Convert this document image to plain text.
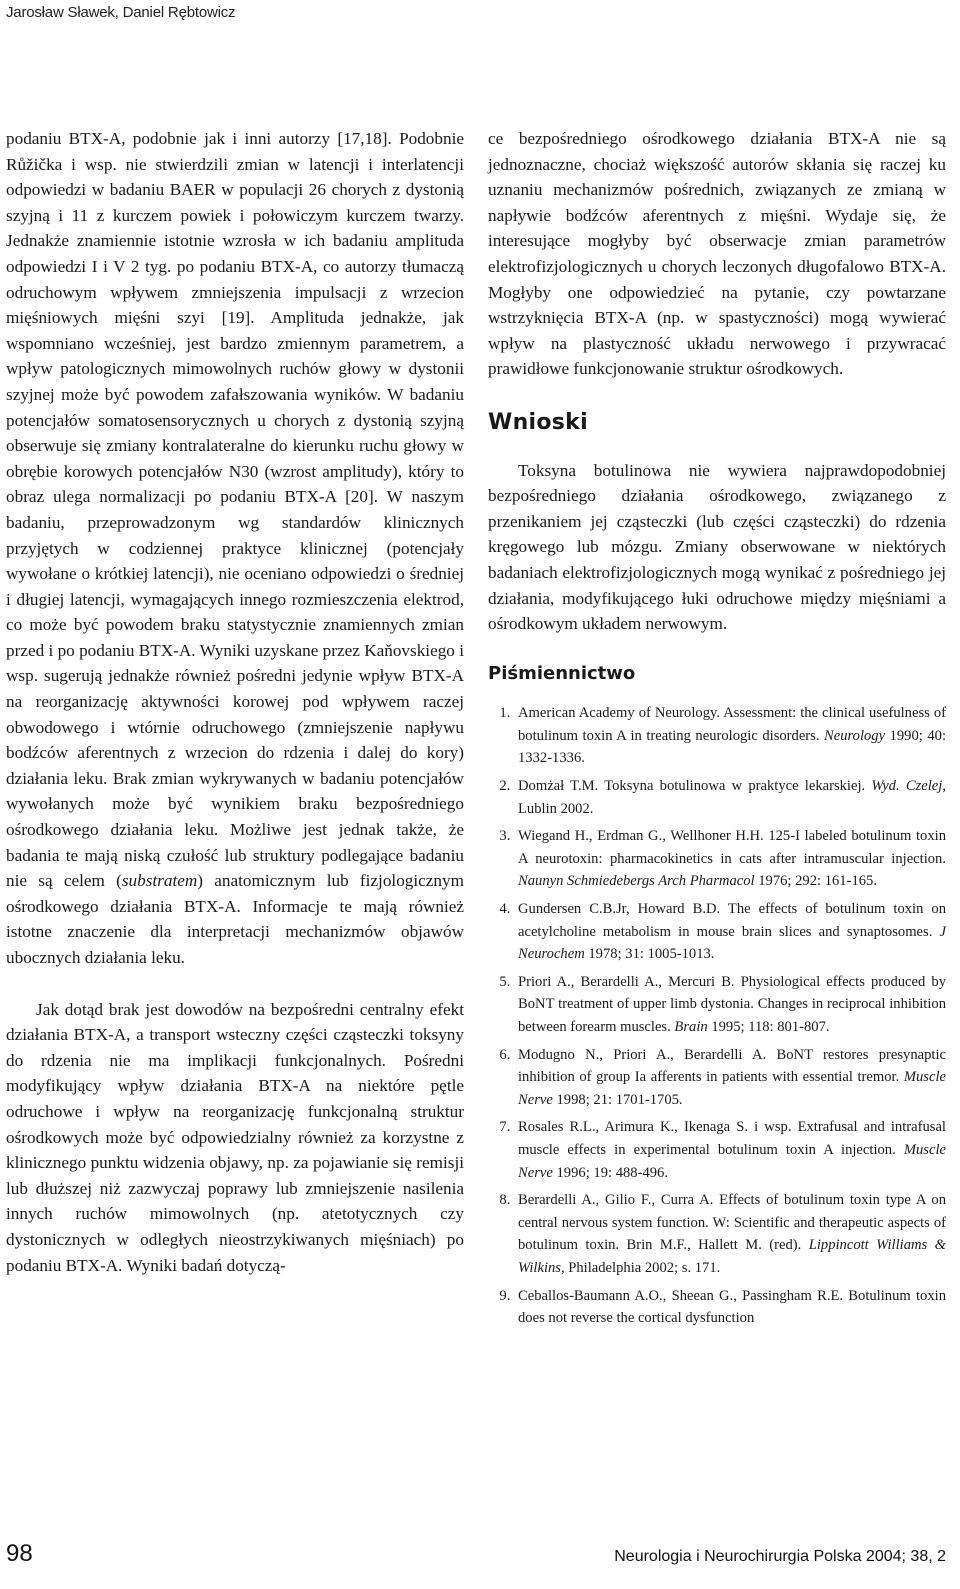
Jarosław Sławek, Daniel Rębtowicz

podaniu BTX-A, podobnie jak i inni autorzy [17,18]. Podobnie Růžička i wsp. nie stwierdzili zmian w latencji i interlatencji odpowiedzi w badaniu BAER w populacji 26 chorych z dystonią szyjną i 11 z kurczem powiek i połowiczym kurczem twarzy. Jednakże znamiennie istotnie wzrosła w ich badaniu amplituda odpowiedzi I i V 2 tyg. po podaniu BTX-A, co autorzy tłumaczą odruchowym wpływem zmniejszenia impulsacji z wrzecion mięśniowych mięśni szyi [19]. Amplituda jednakże, jak wspomniano wcześniej, jest bardzo zmiennym parametrem, a wpływ patologicznych mimowolnych ruchów głowy w dystonii szyjnej może być powodem zafałszowania wyników. W badaniu potencjałów somatosensorycznych u chorych z dystonią szyjną obserwuje się zmiany kontralateralne do kierunku ruchu głowy w obrębie korowych potencjałów N30 (wzrost amplitudy), który to obraz ulega normalizacji po podaniu BTX-A [20]. W naszym badaniu, przeprowadzonym wg standardów klinicznych przyjętych w codziennej praktyce klinicznej (potencjały wywołane o krótkiej latencji), nie oceniano odpowiedzi o średniej i długiej latencji, wymagających innego rozmieszczenia elektrod, co może być powodem braku statystycznie znamiennych zmian przed i po podaniu BTX-A. Wyniki uzyskane przez Kaňovskiego i wsp. sugerują jednakże również pośredni jedynie wpływ BTX-A na reorganizację aktywności korowej pod wpływem raczej obwodowego i wtórnie odruchowego (zmniejszenie napływu bodźców aferentnych z wrzecion do rdzenia i dalej do kory) działania leku. Brak zmian wykrywanych w badaniu potencjałów wywołanych może być wynikiem braku bezpośredniego ośrodkowego działania leku. Możliwe jest jednak także, że badania te mają niską czułość lub struktury podlegające badaniu nie są celem (substratem) anatomicznym lub fizjologicznym ośrodkowego działania BTX-A. Informacje te mają również istotne znaczenie dla interpretacji mechanizmów objawów ubocznych działania leku.

Jak dotąd brak jest dowodów na bezpośredni centralny efekt działania BTX-A, a transport wsteczny części cząsteczki toksyny do rdzenia nie ma implikacji funkcjonalnych. Pośredni modyfikujący wpływ działania BTX-A na niektóre pętle odruchowe i wpływ na reorganizację funkcjonalną struktur ośrodkowych może być odpowiedzialny również za korzystne z klinicznego punktu widzenia objawy, np. za pojawianie się remisji lub dłuższej niż zazwyczaj poprawy lub zmniejszenie nasilenia innych ruchów mimowolnych (np. atetotycznych czy dystonicznych w odległych nieostrzykiwanych mięśniach) po podaniu BTX-A. Wyniki badań dotyczą-

ce bezpośredniego ośrodkowego działania BTX-A nie są jednoznaczne, chociaż większość autorów skłania się raczej ku uznaniu mechanizmów pośrednich, związanych ze zmianą w napływie bodźców aferentnych z mięśni. Wydaje się, że interesujące mogłyby być obserwacje zmian parametrów elektrofizjologicznych u chorych leczonych długofalowo BTX-A. Mogłyby one odpowiedzieć na pytanie, czy powtarzane wstrzyknięcia BTX-A (np. w spastyczności) mogą wywierać wpływ na plastyczność układu nerwowego i przywracać prawidłowe funkcjonowanie struktur ośrodkowych.

Wnioski

Toksyna botulinowa nie wywiera najprawdopodobniej bezpośredniego działania ośrodkowego, związanego z przenikaniem jej cząsteczki (lub części cząsteczki) do rdzenia kręgowego lub mózgu. Zmiany obserwowane w niektórych badaniach elektrofizjologicznych mogą wynikać z pośredniego jej działania, modyfikującego łuki odruchowe między mięśniami a ośrodkowym układem nerwowym.

Piśmiennictwo
1. American Academy of Neurology. Assessment: the clinical usefulness of botulinum toxin A in treating neurologic disorders. Neurology 1990; 40: 1332-1336.
2. Domżał T.M. Toksyna botulinowa w praktyce lekarskiej. Wyd. Czelej, Lublin 2002.
3. Wiegand H., Erdman G., Wellhoner H.H. 125-I labeled botulinum toxin A neurotoxin: pharmacokinetics in cats after intramuscular injection. Naunyn Schmiedebergs Arch Pharmacol 1976; 292: 161-165.
4. Gundersen C.B.Jr, Howard B.D. The effects of botulinum toxin on acetylcholine metabolism in mouse brain slices and synaptosomes. J Neurochem 1978; 31: 1005-1013.
5. Priori A., Berardelli A., Mercuri B. Physiological effects produced by BoNT treatment of upper limb dystonia. Changes in reciprocal inhibition between forearm muscles. Brain 1995; 118: 801-807.
6. Modugno N., Priori A., Berardelli A. BoNT restores presynaptic inhibition of group Ia afferents in patients with essential tremor. Muscle Nerve 1998; 21: 1701-1705.
7. Rosales R.L., Arimura K., Ikenaga S. i wsp. Extrafusal and intrafusal muscle effects in experimental botulinum toxin A injection. Muscle Nerve 1996; 19: 488-496.
8. Berardelli A., Gilio F., Curra A. Effects of botulinum toxin type A on central nervous system function. W: Scientific and therapeutic aspects of botulinum toxin. Brin M.F., Hallett M. (red). Lippincott Williams & Wilkins, Philadelphia 2002; s. 171.
9. Ceballos-Baumann A.O., Sheean G., Passingham R.E. Botulinum toxin does not reverse the cortical dysfunction
98	Neurologia i Neurochirurgia Polska 2004; 38, 2
